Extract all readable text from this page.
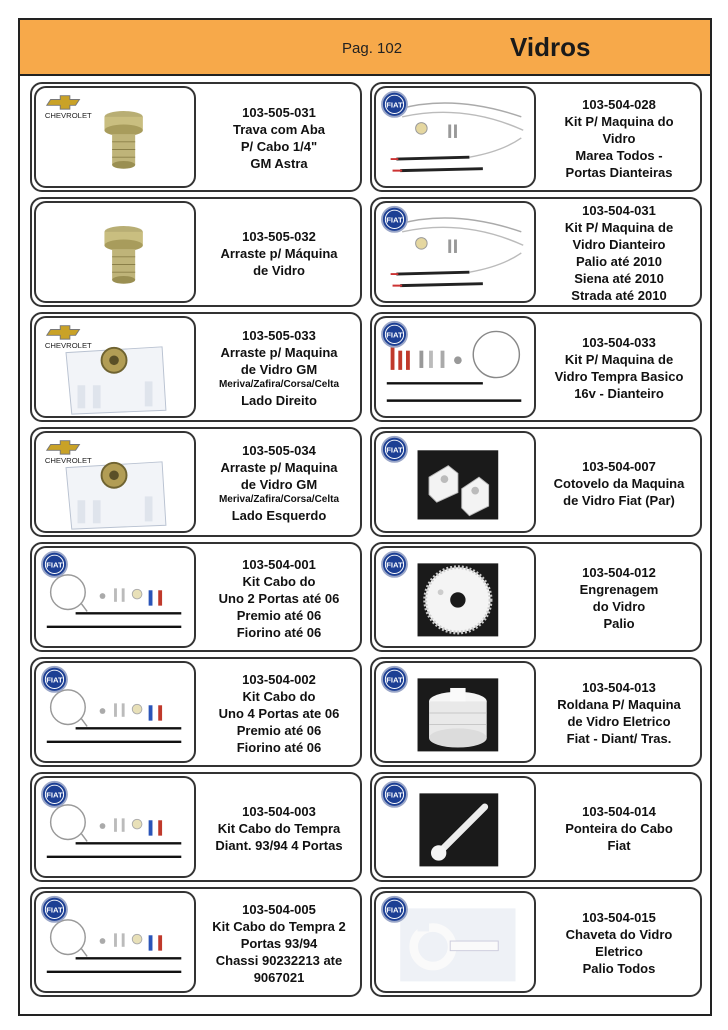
Pag. 102	Vidros
CHEVROLET	103-505-031
Trava com Aba
P/ Cabo 1/4"
GM Astra
FIAT	103-504-028
Kit P/ Maquina do
Vidro
Marea Todos -
Portas Dianteiras
103-505-032
Arraste p/ Máquina
de Vidro
FIAT
103-504-031
Kit P/ Maquina de
Vidro Dianteiro
Palio até 2010
Siena até 2010
Strada até 2010
CHEVROLET
103-505-033
Arraste p/ Maquina
de Vidro GM
Meriva/Zafira/Corsa/Celta
Lado Direito
FIAT	103-504-033
Kit P/ Maquina de
Vidro Tempra Basico
16v - Dianteiro
CHEVROLET
103-505-034
Arraste p/ Maquina
de Vidro GM
Meriva/Zafira/Corsa/Celta
Lado Esquerdo
FIAT
103-504-007
Cotovelo da Maquina
de Vidro Fiat (Par)
FIAT	103-504-001
Kit Cabo do
Uno 2 Portas até 06
Premio até 06
Fiorino até 06
FIAT	103-504-012
Engrenagem
do Vidro
Palio
FIAT	103-504-002
Kit Cabo do
Uno 4 Portas ate 06
Premio até 06
Fiorino até 06
FIAT	103-504-013
Roldana P/ Maquina
de Vidro Eletrico
Fiat - Diant/ Tras.
FIAT
103-504-003
Kit Cabo do Tempra
Diant. 93/94 4 Portas
FIAT
103-504-014
Ponteira do Cabo
Fiat
FIAT	103-504-005
Kit Cabo do Tempra 2
Portas 93/94
Chassi 90232213 ate
9067021
FIAT	103-504-015
Chaveta do Vidro
Eletrico
Palio Todos
